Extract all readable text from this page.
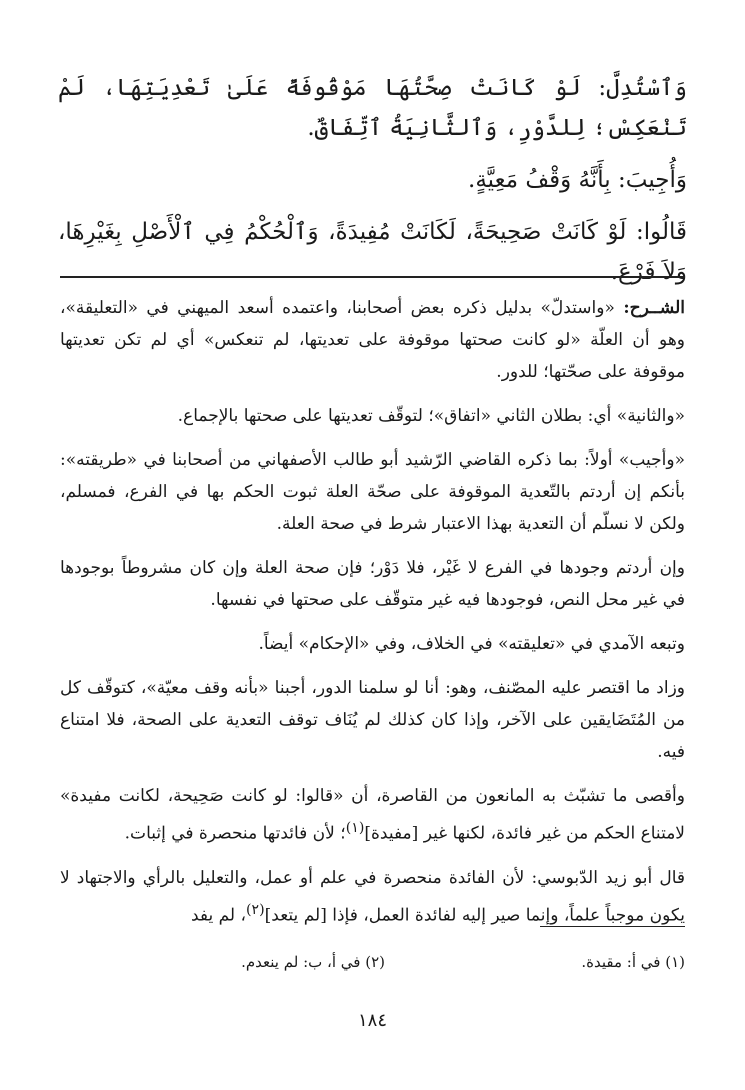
وَٱسْتُدِلَّ: لَوْ كَانَتْ صِحَّتُهَا مَوْقُوفَةً عَلَىٰ تَعْدِيَتِهَا، لَمْ تَنْعَكِسْ؛ لِلدَّوْرِ، وَٱلثَّانِيَةُ ٱتِّفَاقٌ.

وَأُجِيبَ: بِأَنَّهُ وَقْفُ مَعِيَّةٍ.

قَالُوا: لَوْ كَانَتْ صَحِيحَةً، لَكَانَتْ مُفِيدَةً، وَٱلْحُكْمُ فِي ٱلْأَصْلِ بِغَيْرِهَا، وَلاَ فَرْعَ.

الشــرح: «واستدلّ» بدليل ذكره بعض أصحابنا، واعتمده أسعد الميهني في «التعليقة»، وهو أن العلّة «لو كانت صحتها موقوفة على تعديتها، لم تنعكس» أي لم تكن تعديتها موقوفة على صحّتها؛ للدور.

«والثانية» أي: بطلان الثاني «اتفاق»؛ لتوقّف تعديتها على صحتها بالإجماع.

«وأجيب» أولاً: بما ذكره القاضي الرّشيد أبو طالب الأصفهاني من أصحابنا في «طريقته»: بأنكم إن أردتم بالتّعدية الموقوفة على صحّة العلة ثبوت الحكم بها في الفرع، فمسلم، ولكن لا نسلّم أن التعدية بهذا الاعتبار شرط في صحة العلة.

وإن أردتم وجودها في الفرع لا غَيْر، فلا دَوْر؛ فإن صحة العلة وإن كان مشروطاً بوجودها في غير محل النص، فوجودها فيه غير متوقّف على صحتها في نفسها.

وتبعه الآمدي في «تعليقته» في الخلاف، وفي «الإحكام» أيضاً.

وزاد ما اقتصر عليه المصّنف، وهو: أنا لو سلمنا الدور، أجبنا «بأنه وقف معيّة»، كتوقّف كل من المُتَضَايقين على الآخر، وإذا كان كذلك لم يُنَاف توقف التعدية على الصحة، فلا امتناع فيه.

وأقصى ما تشبّث به المانعون من القاصرة، أن «قالوا: لو كانت صَحِيحة، لكانت مفيدة» لامتناع الحكم من غير فائدة، لكنها غير [مفيدة]$^{(١)}$؛ لأن فائدتها منحصرة في إثبات.

قال أبو زيد الدّبوسي: لأن الفائدة منحصرة في علم أو عمل، والتعليل بالرأي والاجتهاد لا يكون موجباً علماً، وإنما صير إليه لفائدة العمل، فإذا [لم يتعد]$^{(٢)}$، لم يفد

(١) في أ: مقيدة.
(٢) في أ، ب: لم ينعدم.
١٨٤
